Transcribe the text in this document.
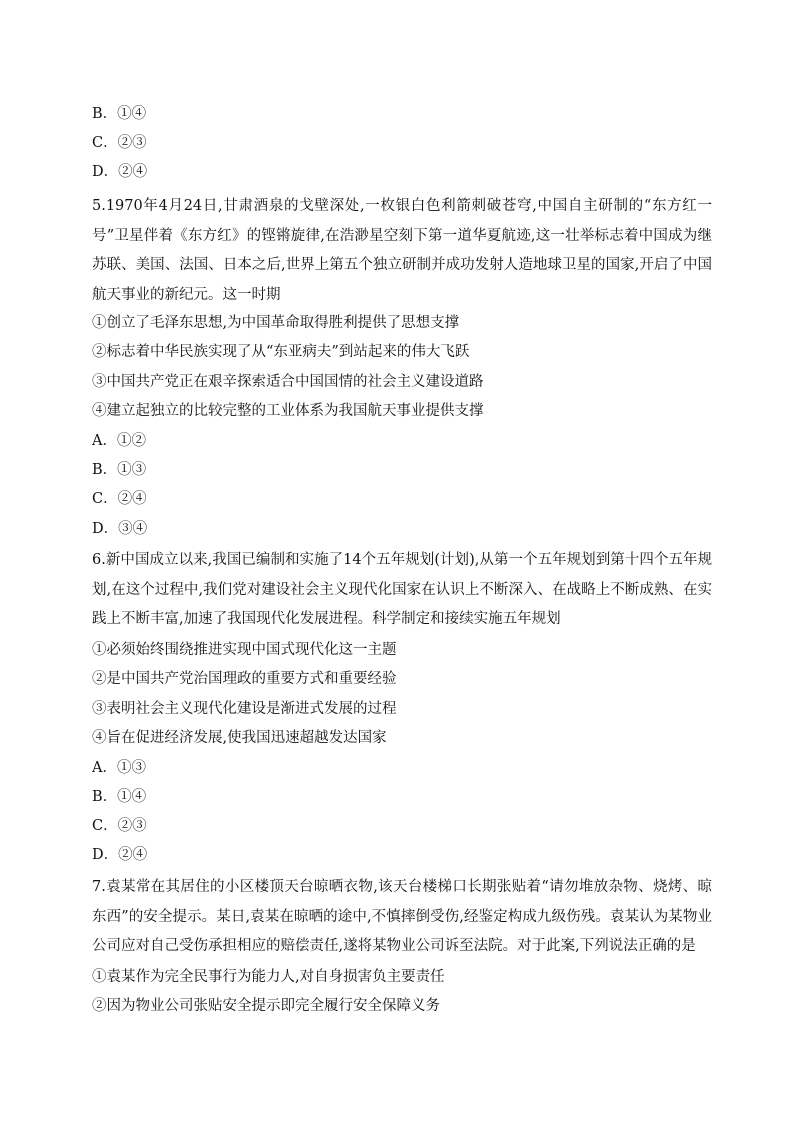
B．①④
C．②③
D．②④
5.1970年4月24日,甘肃酒泉的戈壁深处,一枚银白色利箭刺破苍穹,中国自主研制的“东方红一号”卫星伴着《东方红》的铿锵旋律,在浩渺星空刻下第一道华夏航迹,这一壮举标志着中国成为继苏联、美国、法国、日本之后,世界上第五个独立研制并成功发射人造地球卫星的国家,开启了中国航天事业的新纪元。这一时期
①创立了毛泽东思想,为中国革命取得胜利提供了思想支撑
②标志着中华民族实现了从“东亚病夫”到站起来的伟大飞跃
③中国共产党正在艰辛探索适合中国国情的社会主义建设道路
④建立起独立的比较完整的工业体系为我国航天事业提供支撑
A．①②
B．①③
C．②④
D．③④
6.新中国成立以来,我国已编制和实施了14个五年规划(计划),从第一个五年规划到第十四个五年规划,在这个过程中,我们党对建设社会主义现代化国家在认识上不断深入、在战略上不断成熟、在实践上不断丰富,加速了我国现代化发展进程。科学制定和接续实施五年规划
①必须始终围绕推进实现中国式现代化这一主题
②是中国共产党治国理政的重要方式和重要经验
③表明社会主义现代化建设是渐进式发展的过程
④旨在促进经济发展,使我国迅速超越发达国家
A．①③
B．①④
C．②③
D．②④
7.袁某常在其居住的小区楼顶天台晾晒衣物,该天台楼梯口长期张贴着“请勿堆放杂物、烧烤、晾东西”的安全提示。某日,袁某在晾晒的途中,不慎摔倒受伤,经鉴定构成九级伤残。袁某认为某物业公司应对自己受伤承担相应的赔偿责任,遂将某物业公司诉至法院。对于此案,下列说法正确的是
①袁某作为完全民事行为能力人,对自身损害负主要责任
②因为物业公司张贴安全提示即完全履行安全保障义务
